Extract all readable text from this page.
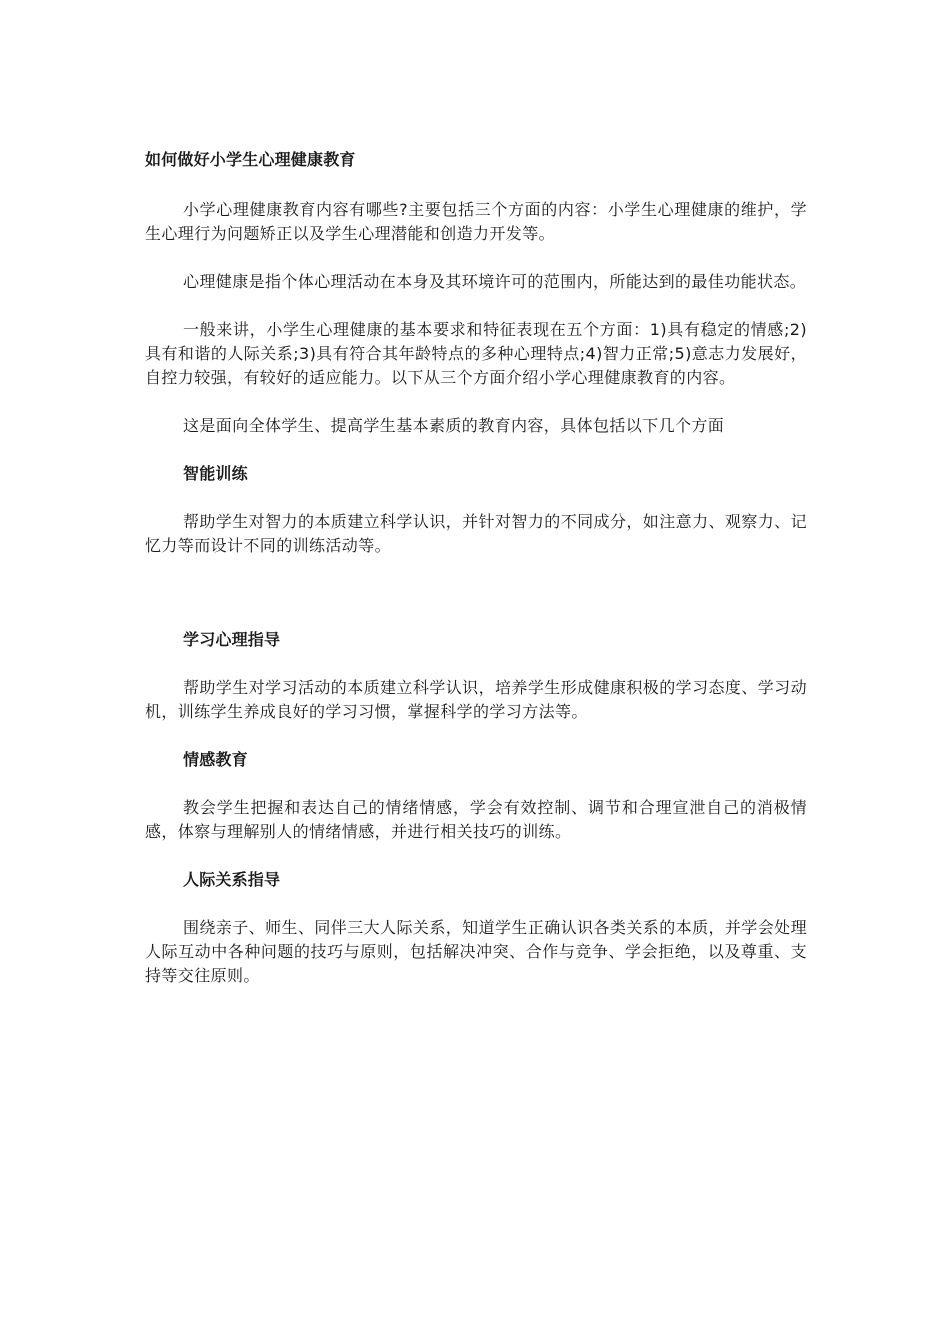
如何做好小学生心理健康教育

小学心理健康教育内容有哪些?主要包括三个方面的内容：小学生心理健康的维护，学生心理行为问题矫正以及学生心理潜能和创造力开发等。

心理健康是指个体心理活动在本身及其环境许可的范围内，所能达到的最佳功能状态。

一般来讲，小学生心理健康的基本要求和特征表现在五个方面：1)具有稳定的情感;2)具有和谐的人际关系;3)具有符合其年龄特点的多种心理特点;4)智力正常;5)意志力发展好，自控力较强，有较好的适应能力。以下从三个方面介绍小学心理健康教育的内容。

这是面向全体学生、提高学生基本素质的教育内容，具体包括以下几个方面

智能训练

帮助学生对智力的本质建立科学认识，并针对智力的不同成分，如注意力、观察力、记忆力等而设计不同的训练活动等。

学习心理指导

帮助学生对学习活动的本质建立科学认识，培养学生形成健康积极的学习态度、学习动机，训练学生养成良好的学习习惯，掌握科学的学习方法等。

情感教育

教会学生把握和表达自己的情绪情感，学会有效控制、调节和合理宣泄自己的消极情感，体察与理解别人的情绪情感，并进行相关技巧的训练。

人际关系指导

围绕亲子、师生、同伴三大人际关系，知道学生正确认识各类关系的本质，并学会处理人际互动中各种问题的技巧与原则，包括解决冲突、合作与竞争、学会拒绝，以及尊重、支持等交往原则。
